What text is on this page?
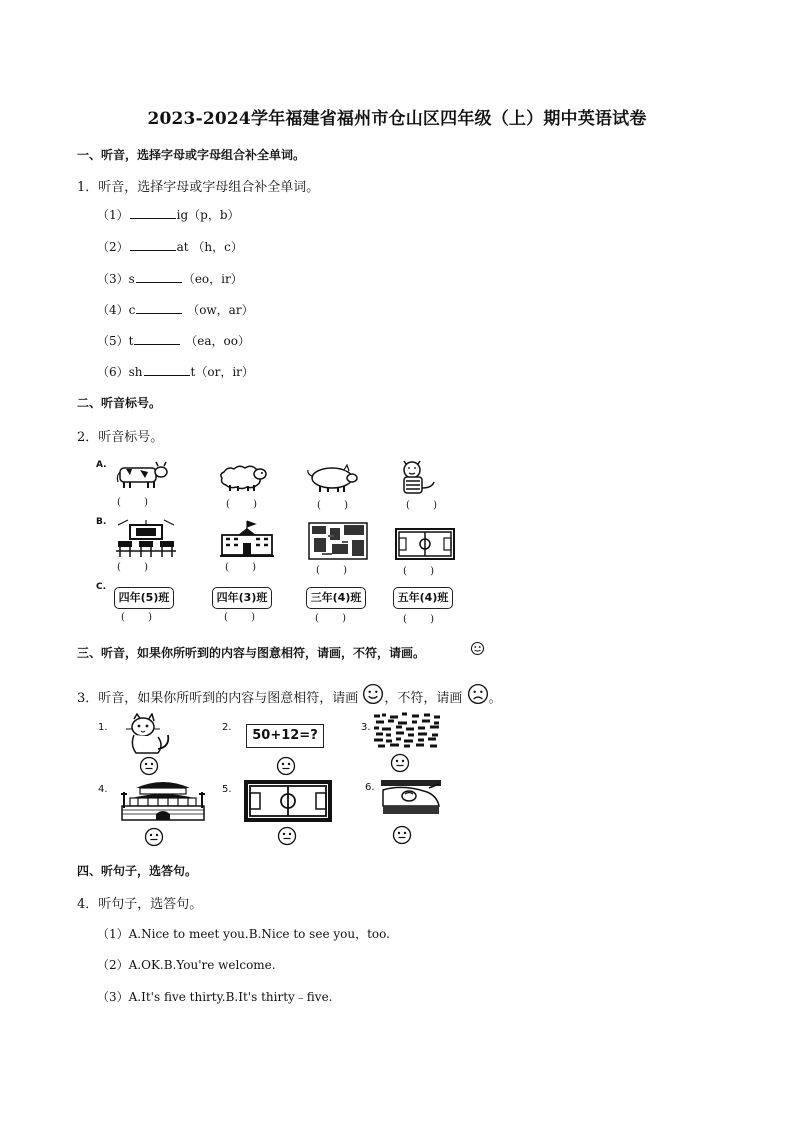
2023-2024学年福建省福州市仓山区四年级（上）期中英语试卷
一、听音，选择字母或字母组合补全单词。
1．听音，选择字母或字母组合补全单词。
（1）	ig（p，b）
（2）	at （h，c）
（3）s	（eo，ir）
（4）c	（ow，ar）
（5）t	（ea，oo）
（6）sh	t（or，ir）
二、听音标号。
2．听音标号。
A.
( )	( )	( )	( )
B.
( )	( )	( )	( )
C.
四年(5)班
( )
四年(3)班
( )
三年(4)班
( )
五年(4)班
( )
三、听音，如果你所听到的内容与图意相符，请画，不符，请画。
3．听音，如果你所听到的内容与图意相符，请画 ，不符，请画 。
1.	2.
50+12=?
3.
4.	5.	6.
四、听句子，选答句。
4．听句子，选答句。
（1）A.Nice to meet you.B.Nice to see you，too.
（2）A.OK.B.You're welcome.
（3）A.It's five thirty.B.It's thirty﹣five.
